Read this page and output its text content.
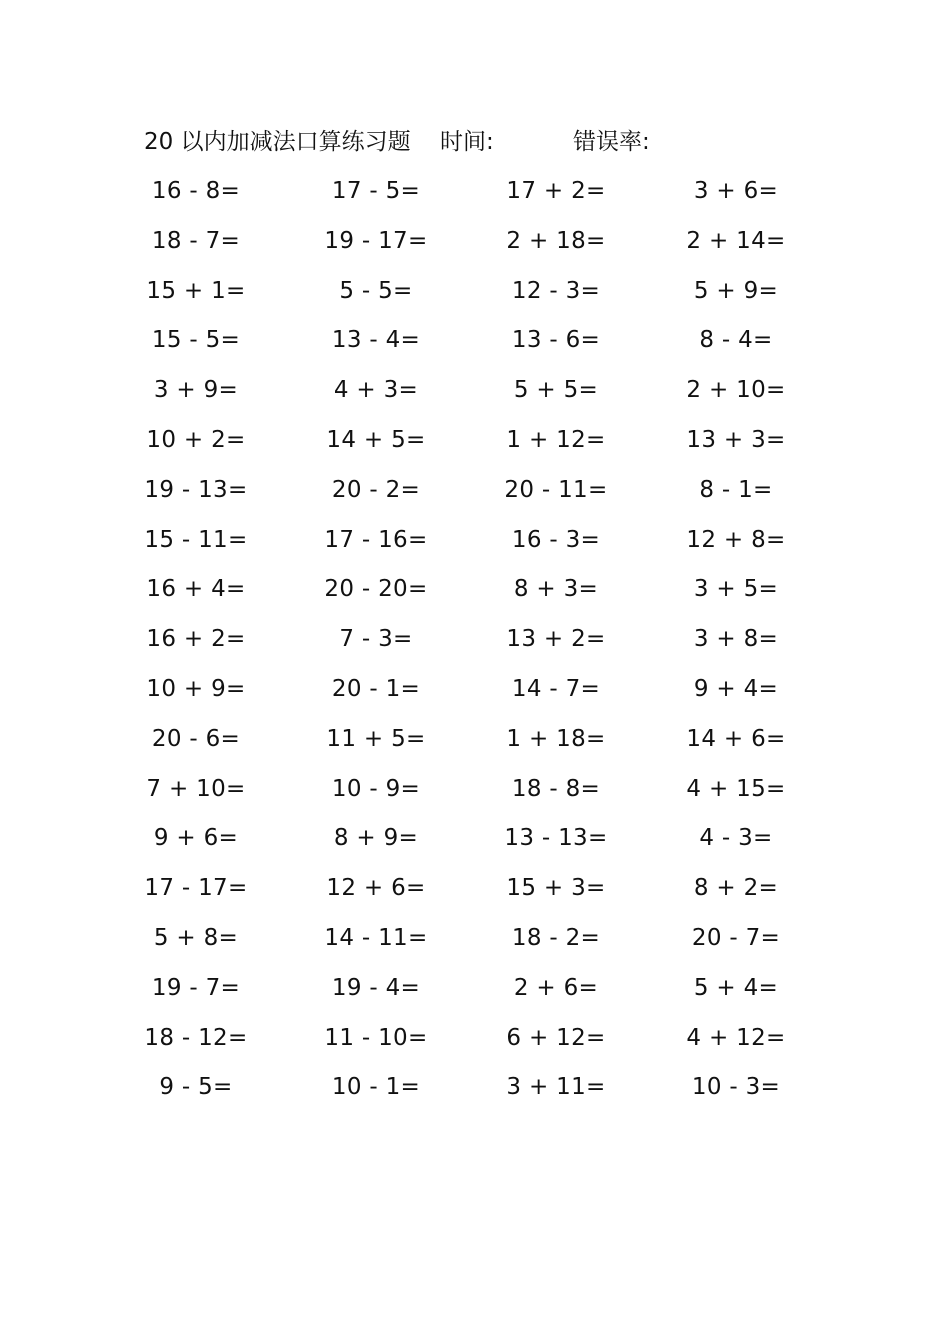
20 以内加减法口算练习题 时间:	错误率:
16 - 8=	17 - 5=	17 + 2=	3 + 6=
18 - 7=	19 - 17=	2 + 18=	2 + 14=
15 + 1=	5 - 5=	12 - 3=	5 + 9=
15 - 5=	13 - 4=	13 - 6=	8 - 4=
3 + 9=	4 + 3=	5 + 5=	2 + 10=
10 + 2=	14 + 5=	1 + 12=	13 + 3=
19 - 13=	20 - 2=	20 - 11=	8 - 1=
15 - 11=	17 - 16=	16 - 3=	12 + 8=
16 + 4=	20 - 20=	8 + 3=	3 + 5=
16 + 2=	7 - 3=	13 + 2=	3 + 8=
10 + 9=	20 - 1=	14 - 7=	9 + 4=
20 - 6=	11 + 5=	1 + 18=	14 + 6=
7 + 10=	10 - 9=	18 - 8=	4 + 15=
9 + 6=	8 + 9=	13 - 13=	4 - 3=
17 - 17=	12 + 6=	15 + 3=	8 + 2=
5 + 8=	14 - 11=	18 - 2=	20 - 7=
19 - 7=	19 - 4=	2 + 6=	5 + 4=
18 - 12=	11 - 10=	6 + 12=	4 + 12=
9 - 5=	10 - 1=	3 + 11=	10 - 3=
